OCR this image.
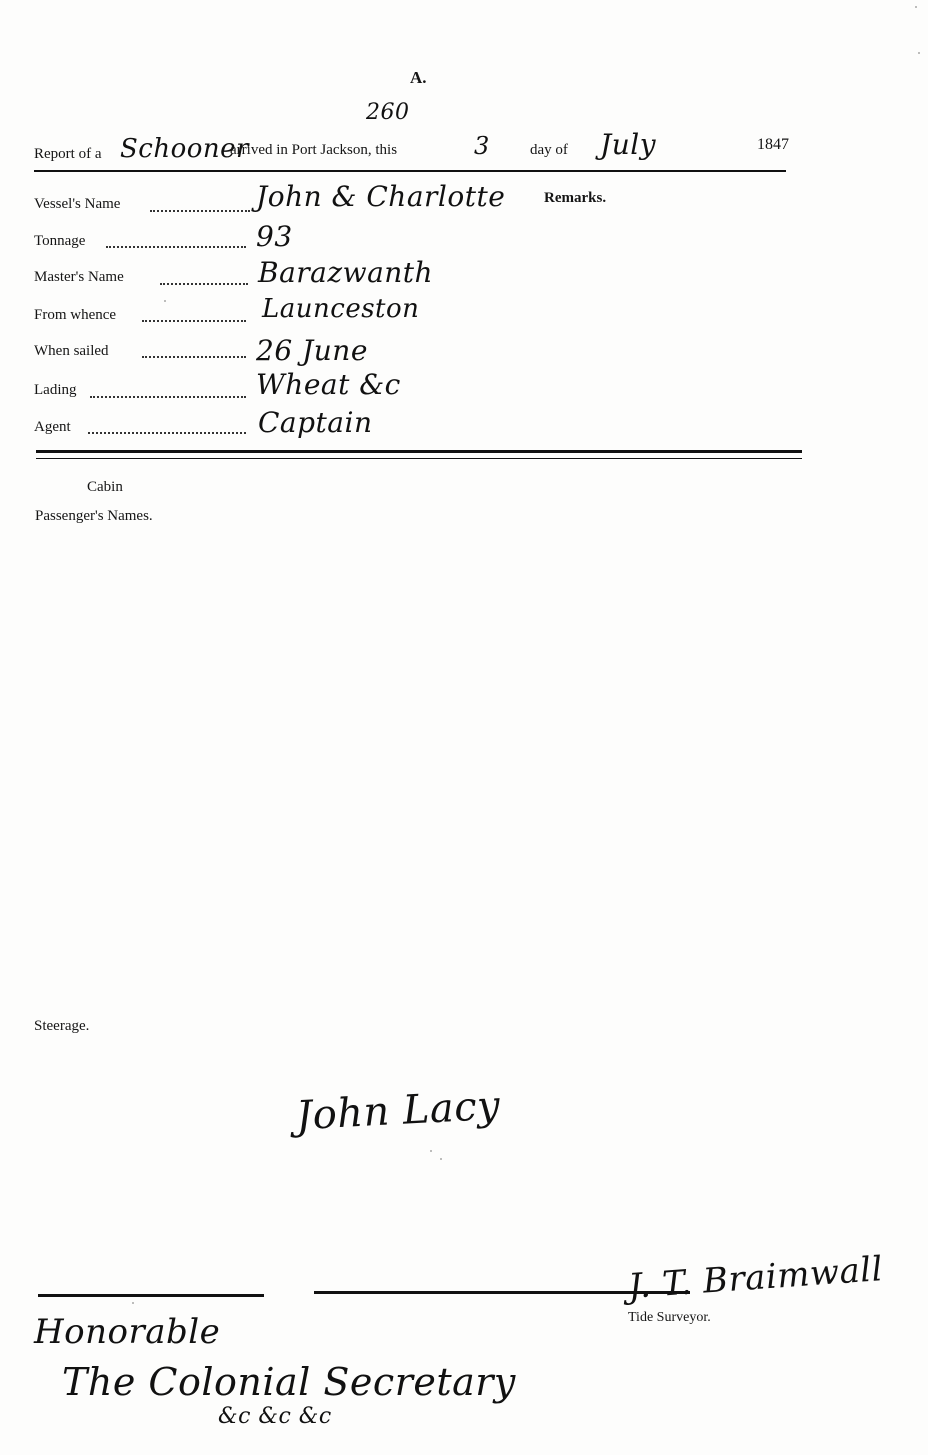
A.
260
Report of a Schooner
arrived in Port Jackson, this	3	day of July	1847
Remarks.
Vessel's Name	John & Charlotte
Tonnage	93
Master's Name	Barazwanth
From whence	Launceston
When sailed	26 June
Lading	Wheat &c
Agent	Captain
Cabin
Passenger's Names.
Steerage.
John Lacy
J. T. Braimwall
Tide Surveyor.
Honorable
The Colonial Secretary
&c &c &c
